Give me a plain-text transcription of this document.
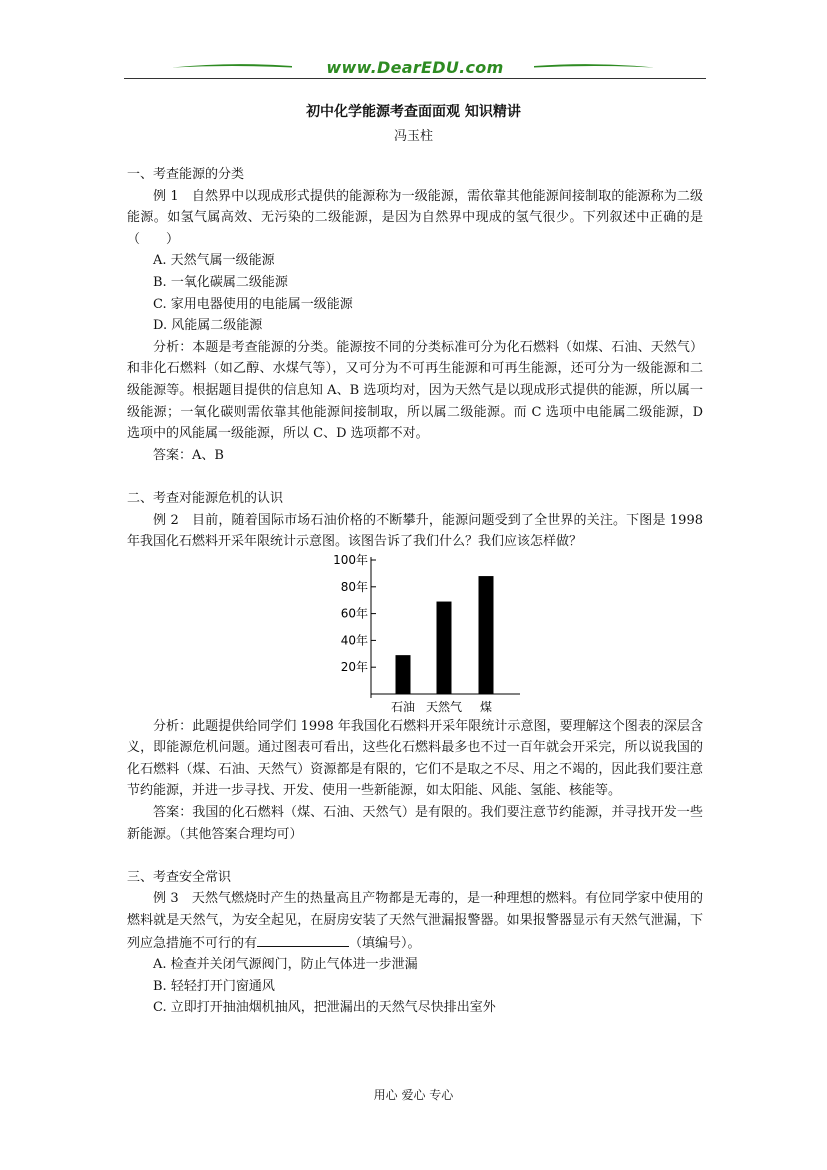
www.DearEDU.com
初中化学能源考查面面观 知识精讲
冯玉柱

一、考查能源的分类

例 1　自然界中以现成形式提供的能源称为一级能源，需依靠其他能源间接制取的能源称为二级能源。如氢气属高效、无污染的二级能源，是因为自然界中现成的氢气很少。下列叙述中正确的是（　　）

A. 天然气属一级能源

B. 一氧化碳属二级能源

C. 家用电器使用的电能属一级能源

D. 风能属二级能源

分析：本题是考查能源的分类。能源按不同的分类标准可分为化石燃料（如煤、石油、天然气）和非化石燃料（如乙醇、水煤气等），又可分为不可再生能源和可再生能源，还可分为一级能源和二级能源等。根据题目提供的信息知 A、B 选项均对，因为天然气是以现成形式提供的能源，所以属一级能源；一氧化碳则需依靠其他能源间接制取，所以属二级能源。而 C 选项中电能属二级能源，D 选项中的风能属一级能源，所以 C、D 选项都不对。

答案：A、B

二、考查对能源危机的认识

例 2　目前，随着国际市场石油价格的不断攀升，能源问题受到了全世界的关注。下图是 1998 年我国化石燃料开采年限统计示意图。该图告诉了我们什么？我们应该怎样做？

20年
40年
60年
80年
100年
石油 天然气 煤

分析：此题提供给同学们 1998 年我国化石燃料开采年限统计示意图，要理解这个图表的深层含义，即能源危机问题。通过图表可看出，这些化石燃料最多也不过一百年就会开采完，所以说我国的化石燃料（煤、石油、天然气）资源都是有限的，它们不是取之不尽、用之不竭的，因此我们要注意节约能源，并进一步寻找、开发、使用一些新能源，如太阳能、风能、氢能、核能等。

答案：我国的化石燃料（煤、石油、天然气）是有限的。我们要注意节约能源，并寻找开发一些新能源。（其他答案合理均可）

三、考查安全常识

例 3　天然气燃烧时产生的热量高且产物都是无毒的，是一种理想的燃料。有位同学家中使用的燃料就是天然气，为安全起见，在厨房安装了天然气泄漏报警器。如果报警器显示有天然气泄漏，下列应急措施不可行的有	（填编号）。

A. 检查并关闭气源阀门，防止气体进一步泄漏

B. 轻轻打开门窗通风

C. 立即打开抽油烟机抽风，把泄漏出的天然气尽快排出室外

用心 爱心 专心
